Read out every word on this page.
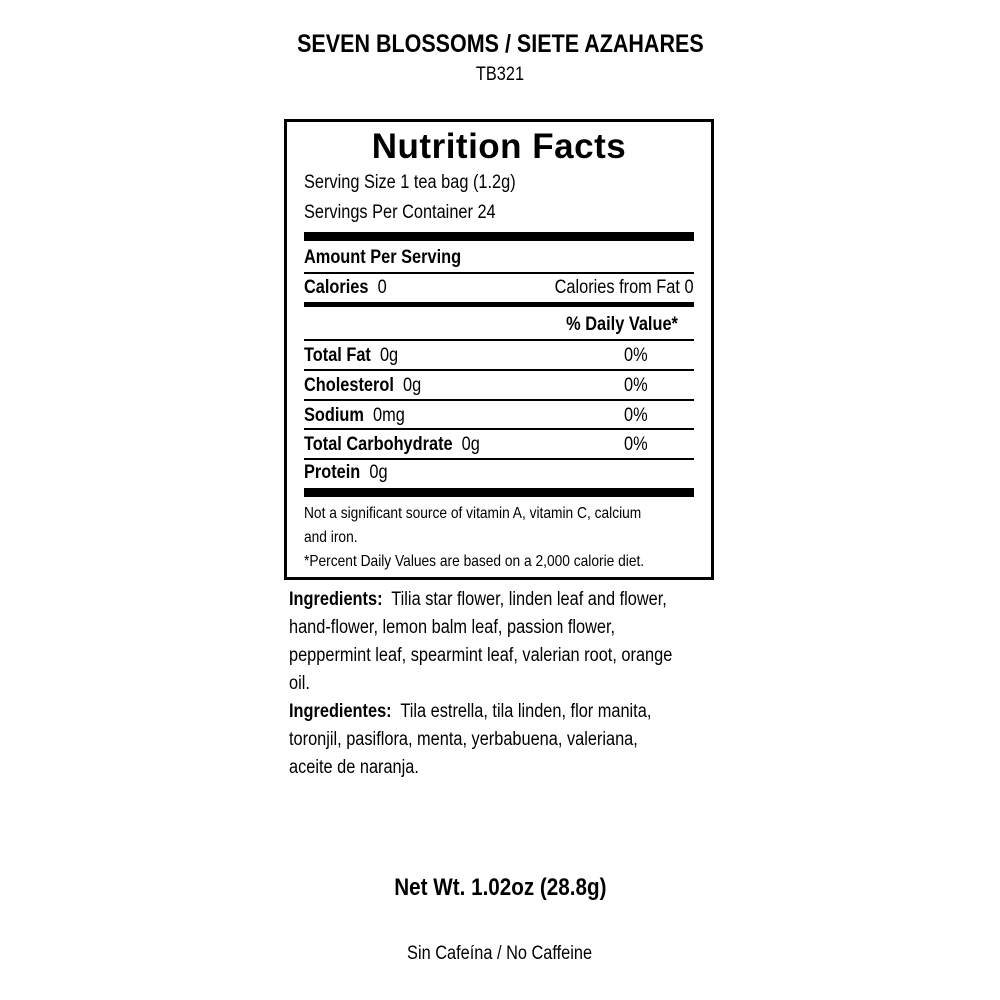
SEVEN BLOSSOMS / SIETE AZAHARES
TB321
Nutrition Facts
Serving Size 1 tea bag (1.2g)
Servings Per Container 24
Amount Per Serving
Calories 0	Calories from Fat 0
% Daily Value*
Total Fat 0g	0%
Cholesterol 0g	0%
Sodium 0mg	0%
Total Carbohydrate 0g	0%
Protein 0g
Not a significant source of vitamin A, vitamin C, calcium
and iron.
*Percent Daily Values are based on a 2,000 calorie diet.
Ingredients: Tilia star flower, linden leaf and flower,
hand-flower, lemon balm leaf, passion flower,
peppermint leaf, spearmint leaf, valerian root, orange
oil.
Ingredientes: Tila estrella, tila linden, flor manita,
toronjil, pasiflora, menta, yerbabuena, valeriana,
aceite de naranja.
Net Wt. 1.02oz (28.8g)
Sin Cafeína / No Caffeine
